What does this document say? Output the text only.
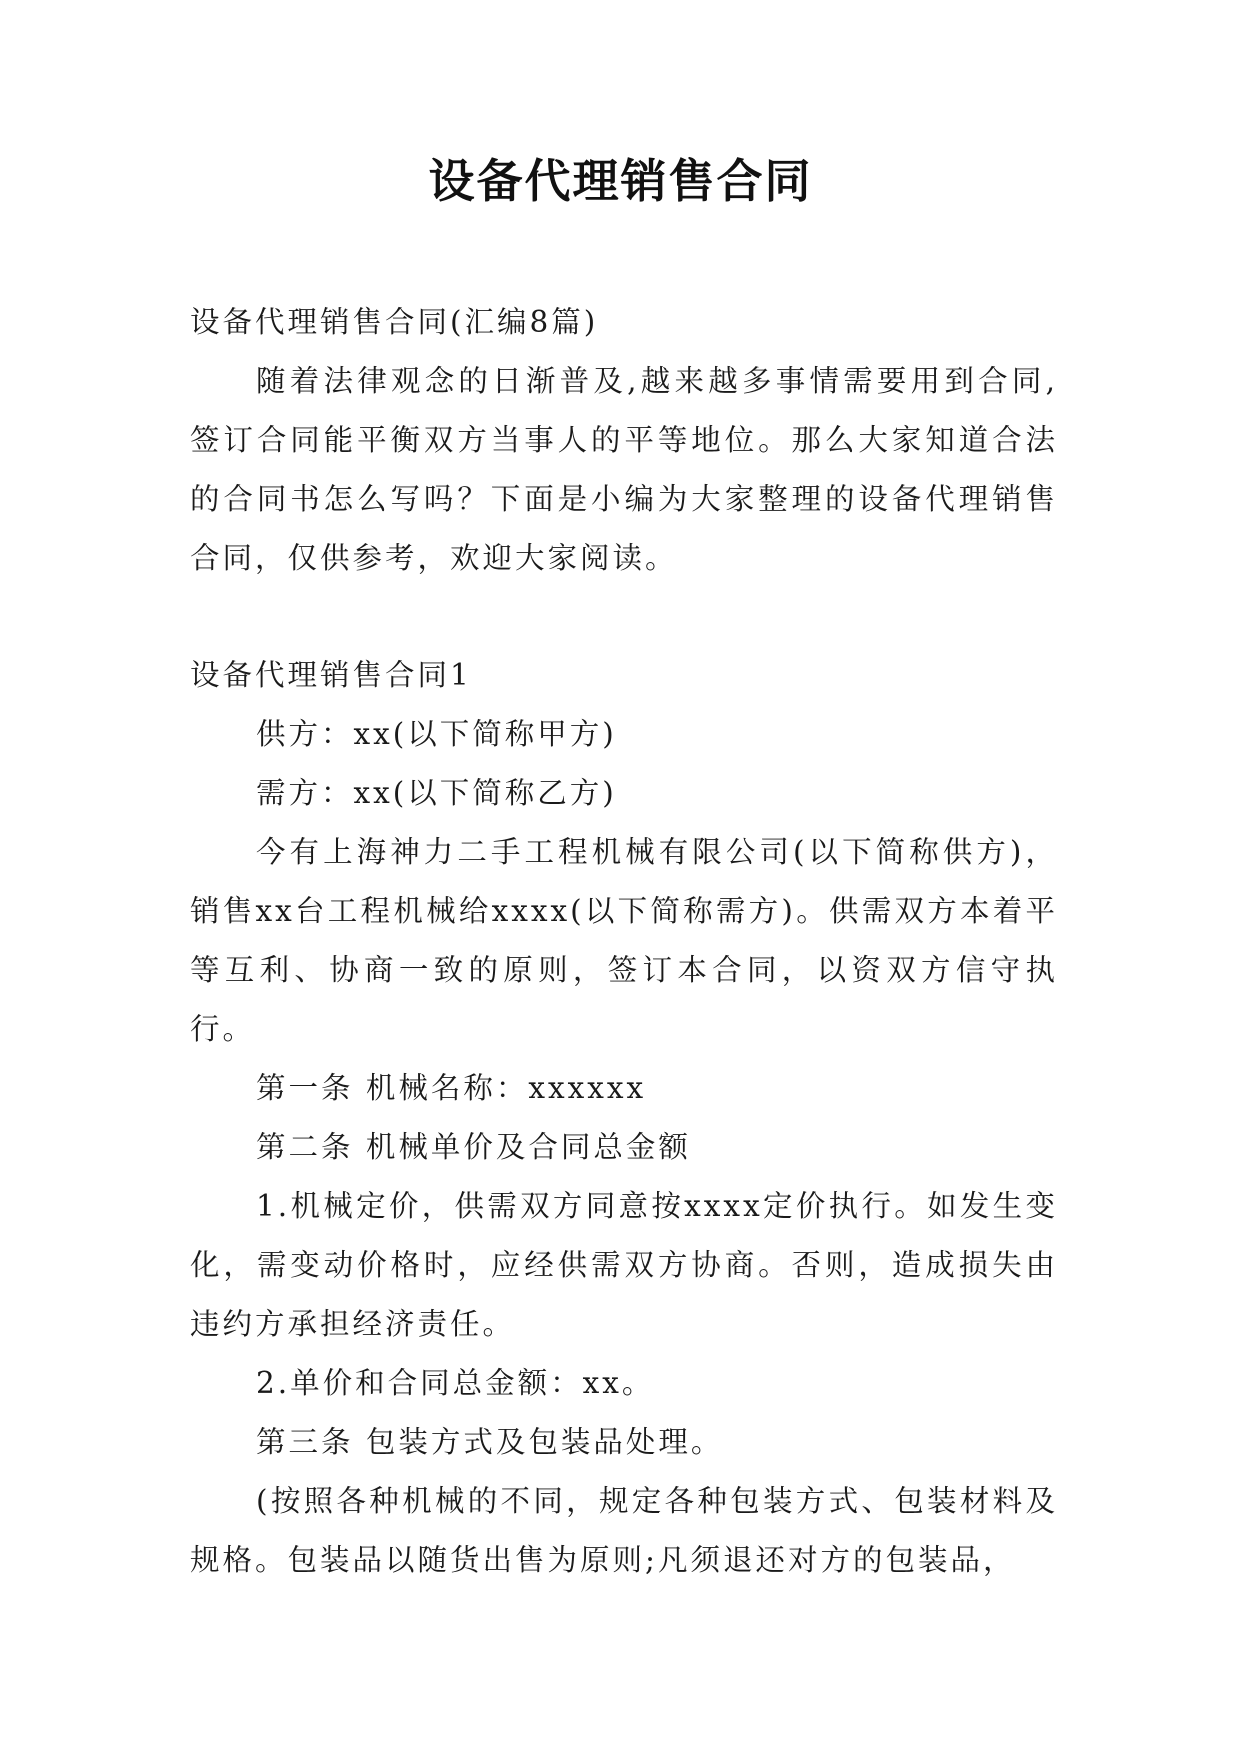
设备代理销售合同

设备代理销售合同(汇编8篇)

随着法律观念的日渐普及,越来越多事情需要用到合同,签订合同能平衡双方当事人的平等地位。那么大家知道合法的合同书怎么写吗？下面是小编为大家整理的设备代理销售合同，仅供参考，欢迎大家阅读。

设备代理销售合同1

供方：xx(以下简称甲方)

需方：xx(以下简称乙方)

今有上海神力二手工程机械有限公司(以下简称供方)，销售xx台工程机械给xxxx(以下简称需方)。供需双方本着平等互利、协商一致的原则，签订本合同，以资双方信守执行。

第一条 机械名称：xxxxxx

第二条 机械单价及合同总金额

1.机械定价，供需双方同意按xxxx定价执行。如发生变化，需变动价格时，应经供需双方协商。否则，造成损失由违约方承担经济责任。

2.单价和合同总金额：xx。

第三条 包装方式及包装品处理。

(按照各种机械的不同，规定各种包装方式、包装材料及规格。包装品以随货出售为原则;凡须退还对方的包装品，
